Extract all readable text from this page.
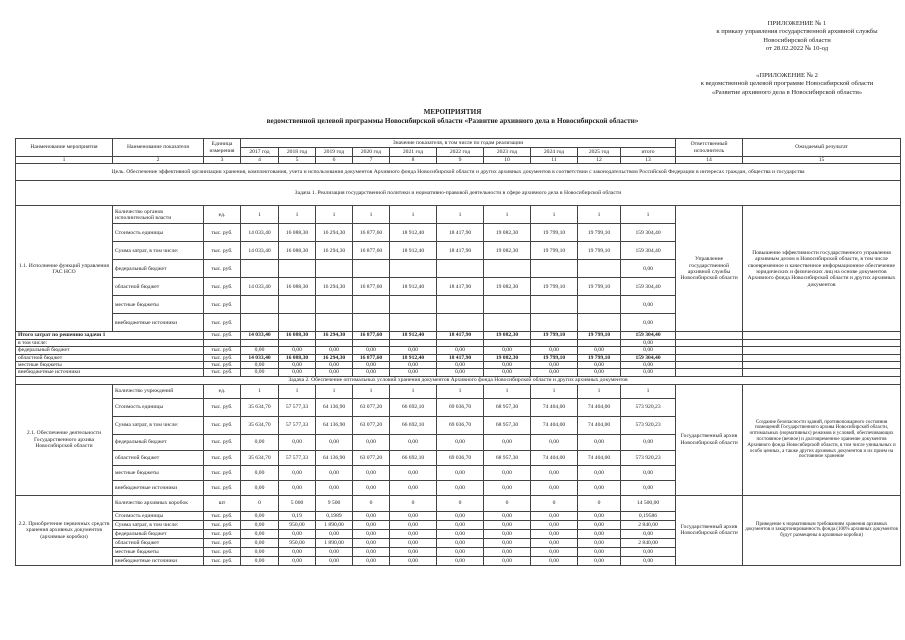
ПРИЛОЖЕНИЕ № 1
к приказу управления государственной архивной службы
Новосибирской области
от 28.02.2022 № 10-од
«ПРИЛОЖЕНИЕ № 2
к ведомственной целевой программе Новосибирской области
«Развитие архивного дела в Новосибирской области»
МЕРОПРИЯТИЯ
ведомственной целевой программы Новосибирской области «Развитие архивного дела в Новосибирской области»
Наименование мероприятия	Наименование показателя	Единица измерения	Значение показателя, в том числе по годам реализации										Ответственный исполнитель	Ожидаемый результат
			2017 год	2018 год	2019 год	2020 год	2021 год	2022 год	2023 год	2024 год	2025 год	итого		
1	2	3	4	5	6	7	8	9	10	11	12	13	14	15
Цель. Обеспечение эффективной организации хранения, комплектования, учета и использования документов Архивного фонда Новосибирской области и других архивных документов в соответствии с законодательством Российской Федерации в интересах граждан, общества и государства														
Задача 1. Реализация государственной политики и нормативно-правовой деятельности в сфере архивного дела в Новосибирской области														
1.1. Исполнение функций управления ГАС НСО	Количество органов исполнительной власти	ед.	1	1	1	1	1	1	1	1	1	1	Управление государственной архивной службы Новосибирской области	Повышение эффективности государственного управления архивным делом в Новосибирской области, в том числе своевременное и качественное информационное обеспечение юридических и физических лиц на основе документов Архивного фонда Новосибирской области и других архивных документов
	Стоимость единицы	тыс. руб.	14 033,40	16 088,30	16 294,30	16 877,60	18 912,40	18 417,90	19 082,30	19 799,10	19 799,10	159 304,40		
	Сумма затрат, в том числе:	тыс. руб.	14 033,40	16 088,30	16 294,30	16 877,60	18 912,40	18 417,90	19 082,30	19 799,10	19 799,10	159 304,40		
	федеральный бюджет	тыс. руб.										0,00		
	областной бюджет	тыс. руб.	14 033,40	16 088,30	16 294,30	16 877,60	18 912,40	18 417,90	19 082,30	19 799,10	19 799,10	159 304,40		
	местные бюджеты	тыс. руб.										0,00		
	внебюджетные источники	тыс. руб.										0,00		
Итого затрат по решению задачи 1		тыс. руб.	14 033,40	16 088,30	16 294,30	16 877,60	18 912,40	18 417,90	19 082,30	19 799,10	19 799,10	159 304,40		
в том числе:												0,00		
федеральный бюджет		тыс. руб.	0,00	0,00	0,00	0,00	0,00	0,00	0,00	0,00	0,00	0,00		
областной бюджет		тыс. руб.	14 033,40	16 088,30	16 294,30	16 877,60	18 912,40	18 417,90	19 082,30	19 799,10	19 799,10	159 304,40		
местные бюджеты		тыс. руб.	0,00	0,00	0,00	0,00	0,00	0,00	0,00	0,00	0,00	0,00		
внебюджетные источники		тыс. руб.	0,00	0,00	0,00	0,00	0,00	0,00	0,00	0,00	0,00	0,00		
Задача 2. Обеспечение оптимальных условий хранения документов Архивного фонда Новосибирской области и других архивных документов														
2.1. Обеспечение деятельности Государственного архива Новосибирской области	Количество учреждений	ед.	1	1	1	1	1	1	1	1	1	1	Государственный архив Новосибирской области	Создание безопасности зданий, противопожарного состояния помещений Государственного архива Новосибирской области, оптимальных (нормативных) режимов и условий, обеспечивающих постоянное (вечное) и долговременное хранение документов Архивного фонда Новосибирской области, в том числе уникальных и особо ценных, а также других архивных документов и их прием на постоянное хранение
	Стоимость единицы	тыс. руб.	35 634,70	57 577,33	64 136,90	63 077,20	66 692,10	69 036,70	68 957,30	74 404,00	74 404,00	573 920,23		
	Сумма затрат, в том числе:	тыс. руб.	35 634,70	57 577,33	64 136,90	63 077,20	66 692,10	69 036,70	68 957,30	74 404,00	74 404,00	573 920,23		
	федеральный бюджет	тыс. руб.	0,00	0,00	0,00	0,00	0,00	0,00	0,00	0,00	0,00	0,00		
	областной бюджет	тыс. руб.	35 634,70	57 577,33	64 136,90	63 077,20	66 692,10	69 036,70	68 957,30	74 404,00	74 404,00	573 920,23		
	местные бюджеты	тыс. руб.	0,00	0,00	0,00	0,00	0,00	0,00	0,00	0,00	0,00	0,00		
	внебюджетные источники	тыс. руб.	0,00	0,00	0,00	0,00	0,00	0,00	0,00	0,00	0,00	0,00		
2.2. Приобретение первичных средств хранения архивных документов (архивные коробки)	Количество архивных коробок	шт	0	5 000	9 500	0	0	0	0	0	0	14 500,00	Государственный архив Новосибирской области	Приведение к нормативным требованиям хранения архивных документов и закартонированность фонда (100% архивных документов будут размещены в архивные коробки)
	Стоимость единицы	тыс. руб.	0,00	0,19	0,1989	0,00	0,00	0,00	0,00	0,00	0,00	0,19586		
	Сумма затрат, в том числе:	тыс. руб.	0,00	950,00	1 890,00	0,00	0,00	0,00	0,00	0,00	0,00	2 840,00		
	федеральный бюджет	тыс. руб.	0,00	0,00	0,00	0,00	0,00	0,00	0,00	0,00	0,00	0,00		
	областной бюджет	тыс. руб.	0,00	950,00	1 890,00	0,00	0,00	0,00	0,00	0,00	0,00	2 840,00		
	местные бюджеты	тыс. руб.	0,00	0,00	0,00	0,00	0,00	0,00	0,00	0,00	0,00	0,00		
	внебюджетные источники	тыс. руб.	0,00	0,00	0,00	0,00	0,00	0,00	0,00	0,00	0,00	0,00		
